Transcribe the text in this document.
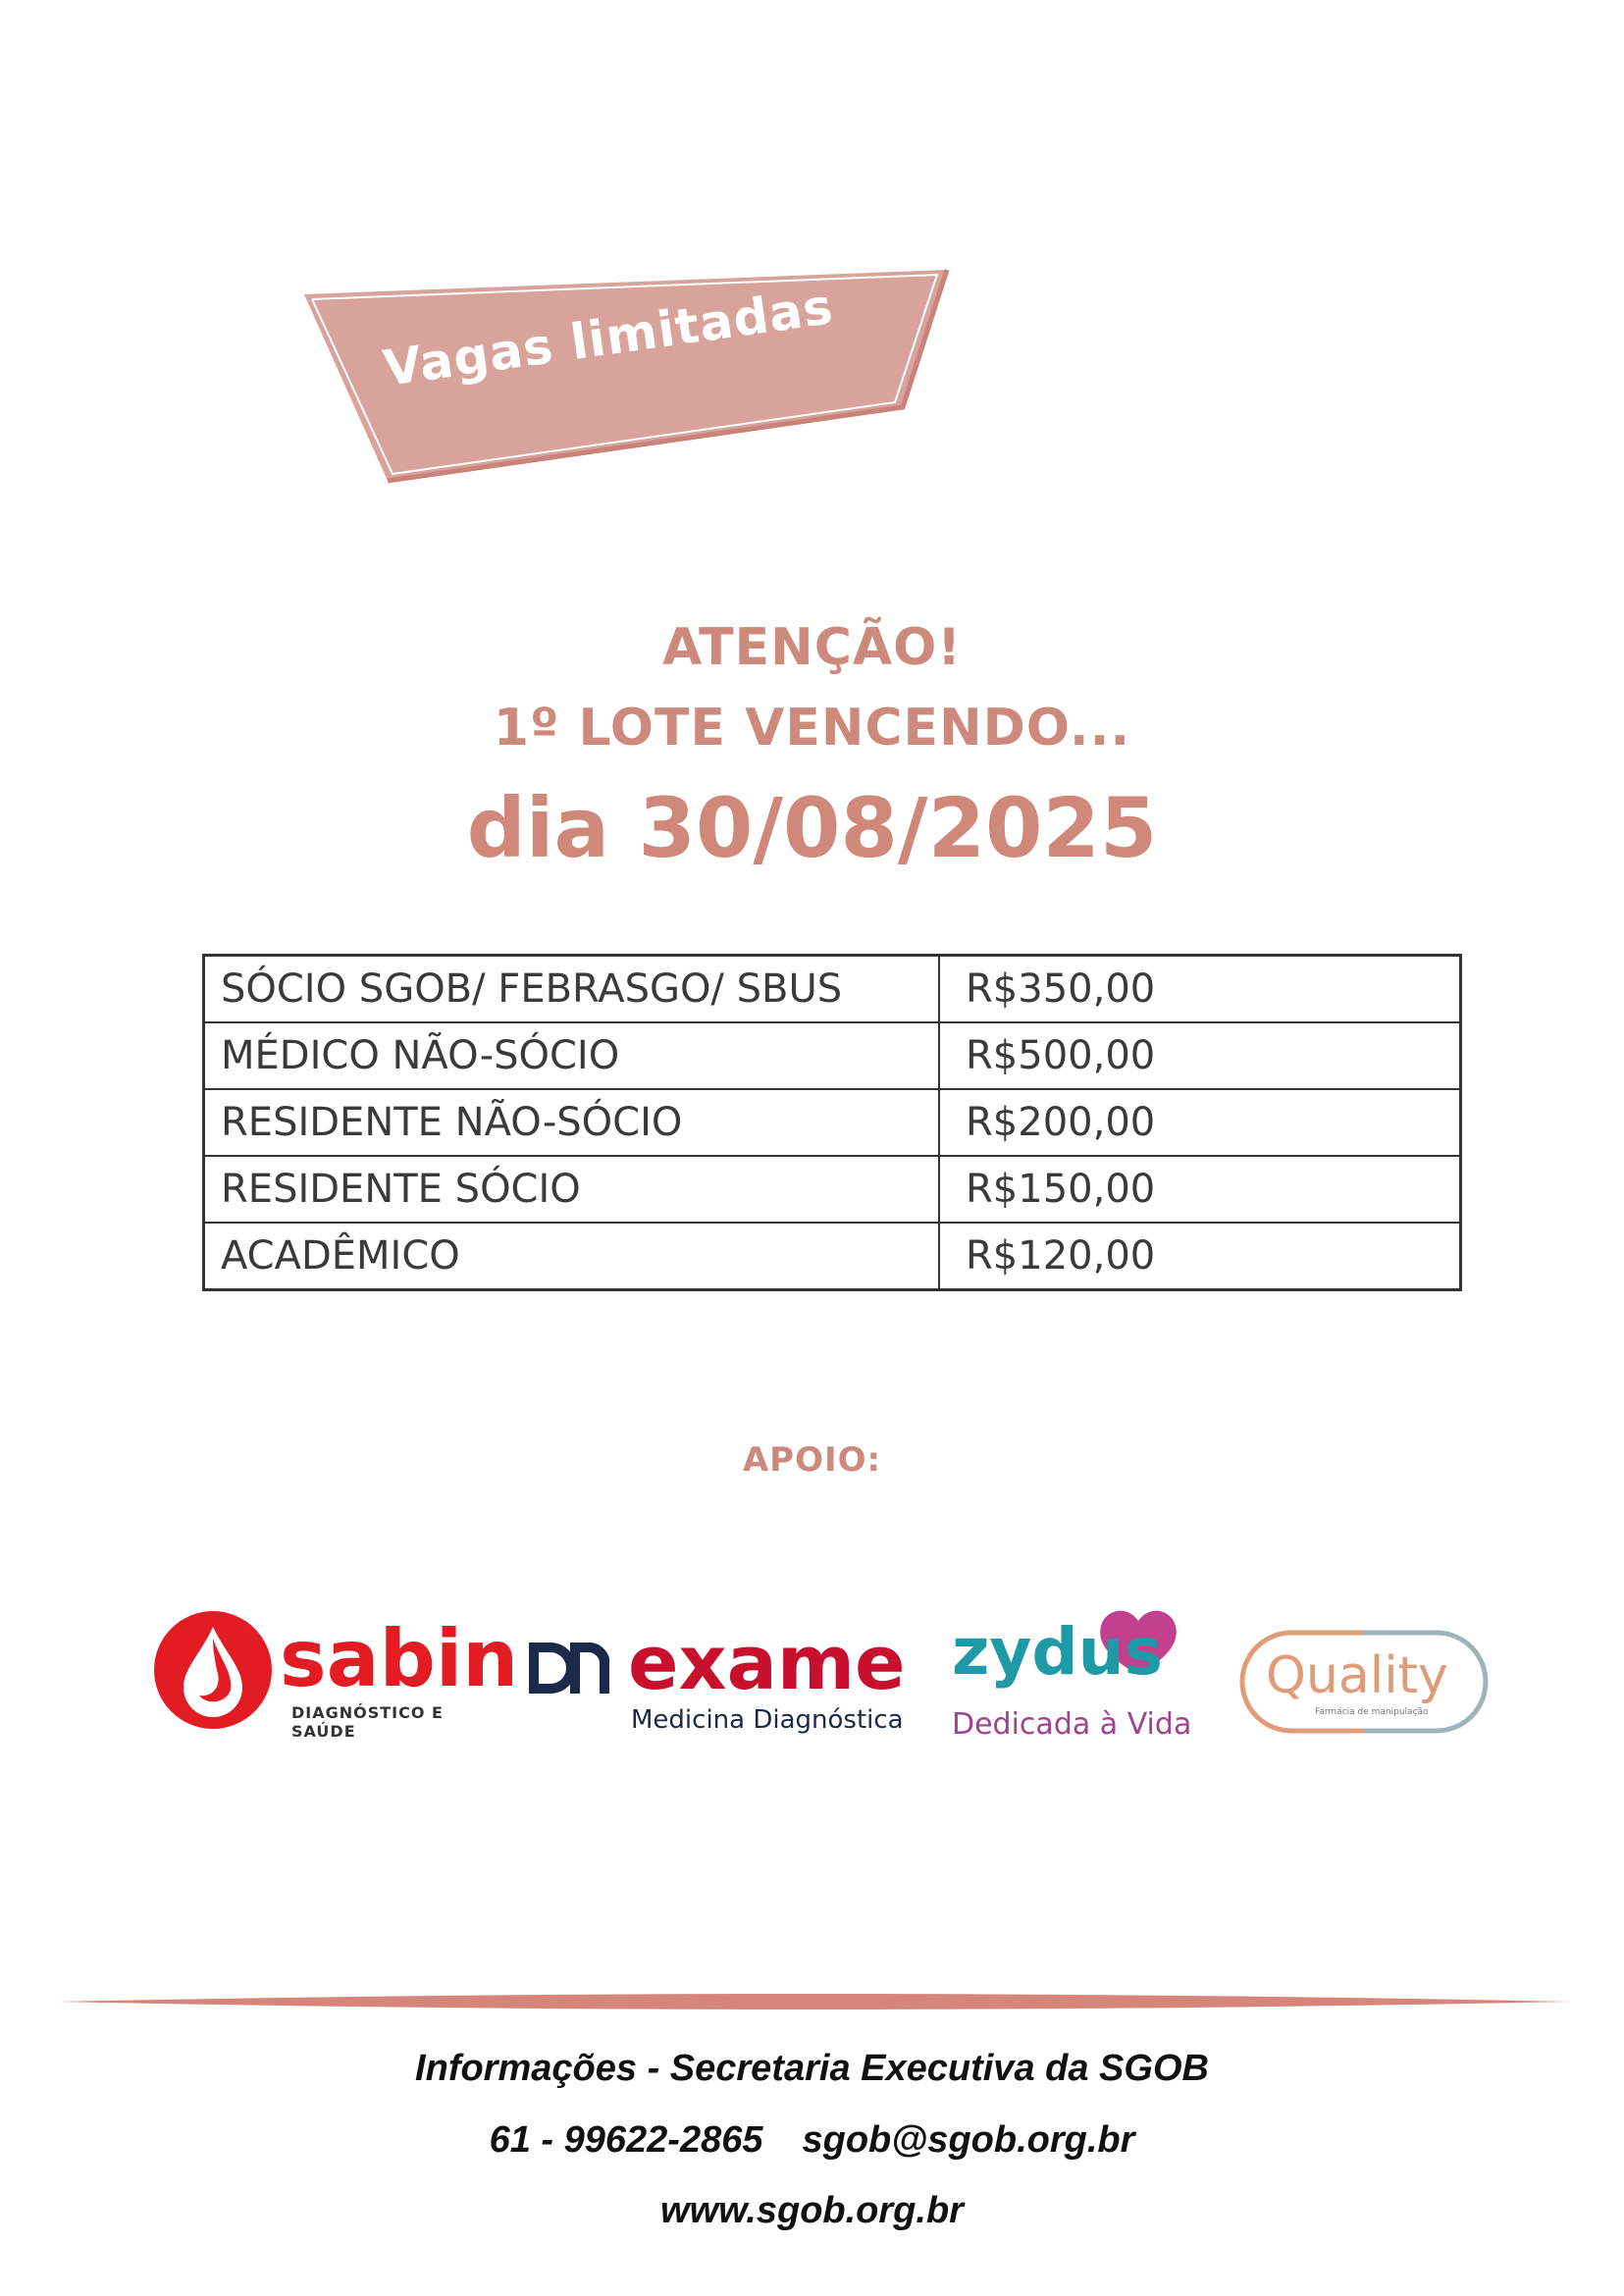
Vagas limitadas
ATENÇÃO!
1º LOTE VENCENDO...
dia 30/08/2025
SÓCIO SGOB/ FEBRASGO/ SBUS	R$350,00

MÉDICO NÃO-SÓCIO	R$500,00

RESIDENTE NÃO-SÓCIO	R$200,00

RESIDENTE SÓCIO	R$150,00

ACADÊMICO	R$120,00
APOIO:
sabin
DIAGNÓSTICO E SAÚDE
exame
Medicina Diagnóstica
zydus
Dedicada à Vida
Quality
Farmácia de manipulação
Informações - Secretaria Executiva da SGOB
61 - 99622-2865 sgob@sgob.org.br
www.sgob.org.br
